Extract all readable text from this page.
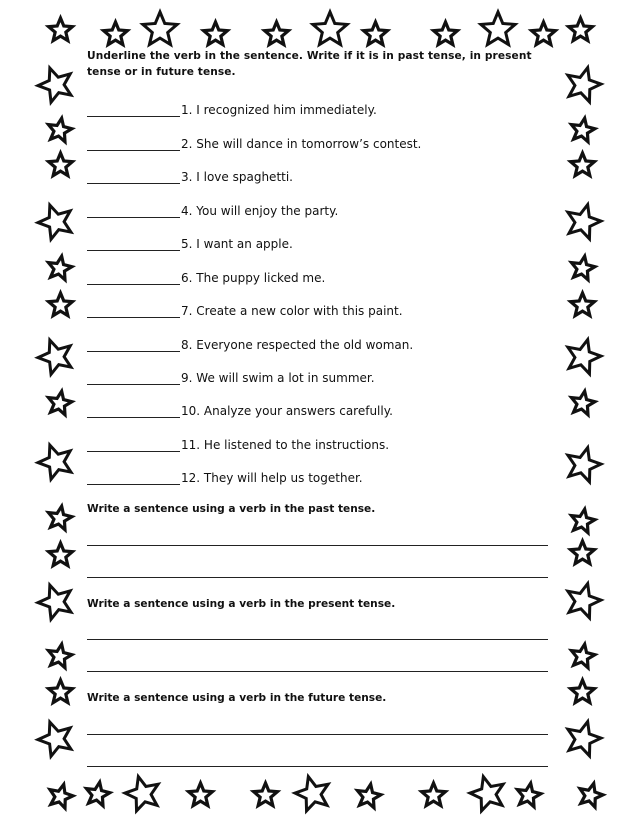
Underline the verb in the sentence. Write if it is in past tense, in present tense or in future tense.
1.
I recognized him immediately.
2.
She will dance in tomorrow’s contest.
3.
I love spaghetti.
4.
You will enjoy the party.
5.
I want an apple.
6.
The puppy licked me.
7.
Create a new color with this paint.
8.
Everyone respected the old woman.
9.
We will swim a lot in summer.
10.
Analyze your answers carefully.
11.
He listened to the instructions.
12.
They will help us together.
Write a sentence using a verb in the past tense.
Write a sentence using a verb in the present tense.
Write a sentence using a verb in the future tense.
